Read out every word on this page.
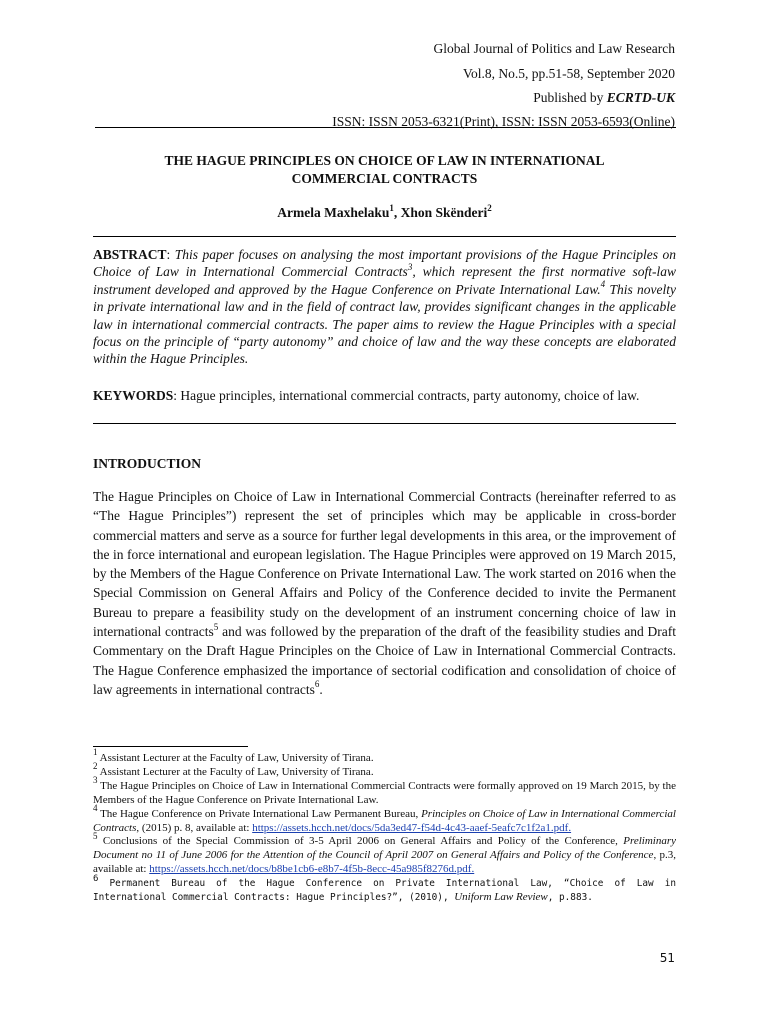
Global Journal of Politics and Law Research
Vol.8, No.5, pp.51-58, September 2020
Published by ECRTD-UK
ISSN: ISSN 2053-6321(Print), ISSN: ISSN 2053-6593(Online)
THE HAGUE PRINCIPLES ON CHOICE OF LAW IN INTERNATIONAL
COMMERCIAL CONTRACTS
Armela Maxhelaku$^1$, Xhon Skënderi$^2$
ABSTRACT: This paper focuses on analysing the most important provisions of the Hague Principles on Choice of Law in International Commercial Contracts$^3$, which represent the first normative soft-law instrument developed and approved by the Hague Conference on Private International Law.$^4$ This novelty in private international law and in the field of contract law, provides significant changes in the applicable law in international commercial contracts. The paper aims to review the Hague Principles with a special focus on the principle of “party autonomy” and choice of law and the way these concepts are elaborated within the Hague Principles.
KEYWORDS: Hague principles, international commercial contracts, party autonomy, choice of law.
INTRODUCTION
The Hague Principles on Choice of Law in International Commercial Contracts (hereinafter referred to as “The Hague Principles”) represent the set of principles which may be applicable in cross-border commercial matters and serve as a source for further legal developments in this area, or the improvement of the in force international and european legislation. The Hague Principles were approved on 19 March 2015, by the Members of the Hague Conference on Private International Law. The work started on 2016 when the Special Commission on General Affairs and Policy of the Conference decided to invite the Permanent Bureau to prepare a feasibility study on the development of an instrument concerning choice of law in international contracts$^5$ and was followed by the preparation of the draft of the feasibility studies and Draft Commentary on the Draft Hague Principles on the Choice of Law in International Commercial Contracts. The Hague Conference emphasized the importance of sectorial codification and consolidation of choice of law agreements in international contracts$^6$.

$^1$ Assistant Lecturer at the Faculty of Law, University of Tirana.

$^2$ Assistant Lecturer at the Faculty of Law, University of Tirana.

$^3$ The Hague Principles on Choice of Law in International Commercial Contracts were formally approved on 19 March 2015, by the Members of the Hague Conference on Private International Law.

$^4$ The Hague Conference on Private International Law Permanent Bureau, Principles on Choice of Law in International Commercial Contracts, (2015) p. 8, available at: https://assets.hcch.net/docs/5da3ed47-f54d-4c43-aaef-5eafc7c1f2a1.pdf.

$^5$ Conclusions of the Special Commission of 3-5 April 2006 on General Affairs and Policy of the Conference, Preliminary Document no 11 of June 2006 for the Attention of the Council of April 2007 on General Affairs and Policy of the Conference, p.3, available at: https://assets.hcch.net/docs/b8be1cb6-e8b7-4f5b-8ecc-45a985f8276d.pdf.

$^6$ Permanent Bureau of the Hague Conference on Private International Law, “Choice of Law in International Commercial Contracts: Hague Principles?”, (2010), Uniform Law Review, p.883.

51
